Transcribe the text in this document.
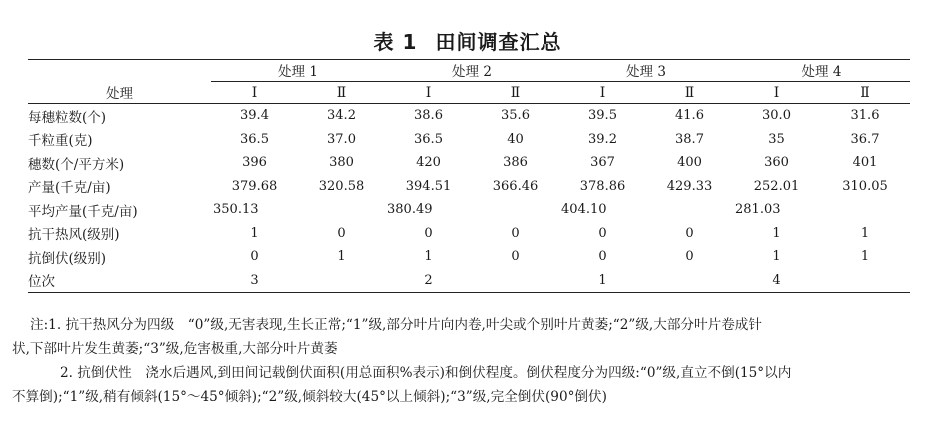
表 1 田间调查汇总
处理	处理 1		处理 2		处理 3		处理 4	
	Ⅰ	Ⅱ	Ⅰ	Ⅱ	Ⅰ	Ⅱ	Ⅰ	Ⅱ
每穗粒数(个)	39.4	34.2	38.6	35.6	39.5	41.6	30.0	31.6
千粒重(克)	36.5	37.0	36.5	40	39.2	38.7	35	36.7
穗数(个/平方米)	396	380	420	386	367	400	360	401
产量(千克/亩)	379.68	320.58	394.51	366.46	378.86	429.33	252.01	310.05
平均产量(千克/亩)	350.13		380.49		404.10		281.03	
抗干热风(级别)	1	0	0	0	0	0	1	1
抗倒伏(级别)	0	1	1	0	0	0	1	1
位次	3		2		1		4	

注:1. 抗干热风分为四级　“0”级,无害表现,生长正常;“1”级,部分叶片向内卷,叶尖或个别叶片黄萎;“2”级,大部分叶片卷成针

状,下部叶片发生黄萎;“3”级,危害极重,大部分叶片黄萎

2. 抗倒伏性　浇水后遇风,到田间记载倒伏面积(用总面积%表示)和倒伏程度。倒伏程度分为四级:“0”级,直立不倒(15°以内

不算倒);“1”级,稍有倾斜(15°～45°倾斜);“2”级,倾斜较大(45°以上倾斜);“3”级,完全倒伏(90°倒伏)
